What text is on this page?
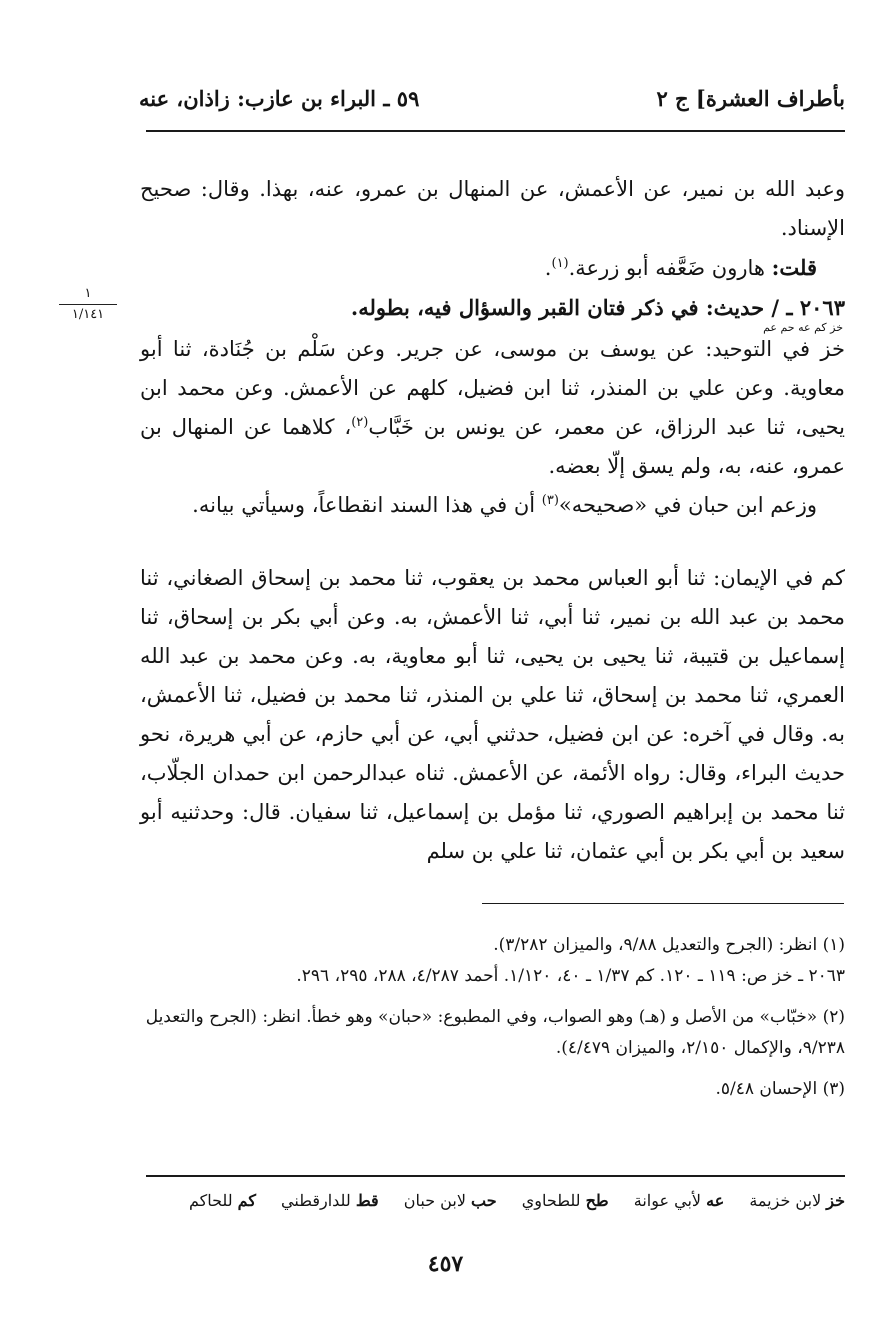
بأطراف العشرة] ج ٢
٥٩ ـ البراء بن عازب: زاذان، عنه
١
١/١٤١

وعبد الله بن نمير، عن الأعمش، عن المنهال بن عمرو، عنه، بهذا. وقال: صحيح الإسناد.

قلت: هارون ضَعَّفه أبو زرعة.$^{(١)}$.

٢٠٦٣ ـ / حديث: في ذكر فتان القبر والسؤال فيه، بطوله.

خز كم عه حم عم

خز في التوحيد: عن يوسف بن موسى، عن جرير. وعن سَلْم بن جُنَادة، ثنا أبو معاوية. وعن علي بن المنذر، ثنا ابن فضيل، كلهم عن الأعمش. وعن محمد ابن يحيى، ثنا عبد الرزاق، عن معمر، عن يونس بن خَبَّاب$^{(٢)}$، كلاهما عن المنهال بن عمرو، عنه، به، ولم يسق إلّا بعضه.

وزعم ابن حبان في «صحيحه»$^{(٣)}$ أن في هذا السند انقطاعاً، وسيأتي بيانه.

كم في الإيمان: ثنا أبو العباس محمد بن يعقوب، ثنا محمد بن إسحاق الصغاني، ثنا محمد بن عبد الله بن نمير، ثنا أبي، ثنا الأعمش، به. وعن أبي بكر بن إسحاق، ثنا إسماعيل بن قتيبة، ثنا يحيى بن يحيى، ثنا أبو معاوية، به. وعن محمد بن عبد الله العمري، ثنا محمد بن إسحاق، ثنا علي بن المنذر، ثنا محمد بن فضيل، ثنا الأعمش، به. وقال في آخره: عن ابن فضيل، حدثني أبي، عن أبي حازم، عن أبي هريرة، نحو حديث البراء، وقال: رواه الأئمة، عن الأعمش. ثناه عبدالرحمن ابن حمدان الجلّاب، ثنا محمد بن إبراهيم الصوري، ثنا مؤمل بن إسماعيل، ثنا سفيان. قال: وحدثنيه أبو سعيد بن أبي بكر بن أبي عثمان، ثنا علي بن سلم

(١) انظر: (الجرح والتعديل ٩/٨٨، والميزان ٣/٢٨٢).
٢٠٦٣ ـ خز ص: ١١٩ ـ ١٢٠. كم ١/٣٧ ـ ٤٠، ١/١٢٠. أحمد ٤/٢٨٧، ٢٨٨، ٢٩٥، ٢٩٦.

(٢) «خبّاب» من الأصل و (هـ) وهو الصواب، وفي المطبوع: «حبان» وهو خطأ. انظر: (الجرح والتعديل ٩/٢٣٨، والإكمال ٢/١٥٠، والميزان ٤/٤٧٩).

(٣) الإحسان ٥/٤٨.

خز لابن خزيمة عه لأبي عوانة طح للطحاوي حب لابن حبان قط للدارقطني كم للحاكم
٤٥٧
